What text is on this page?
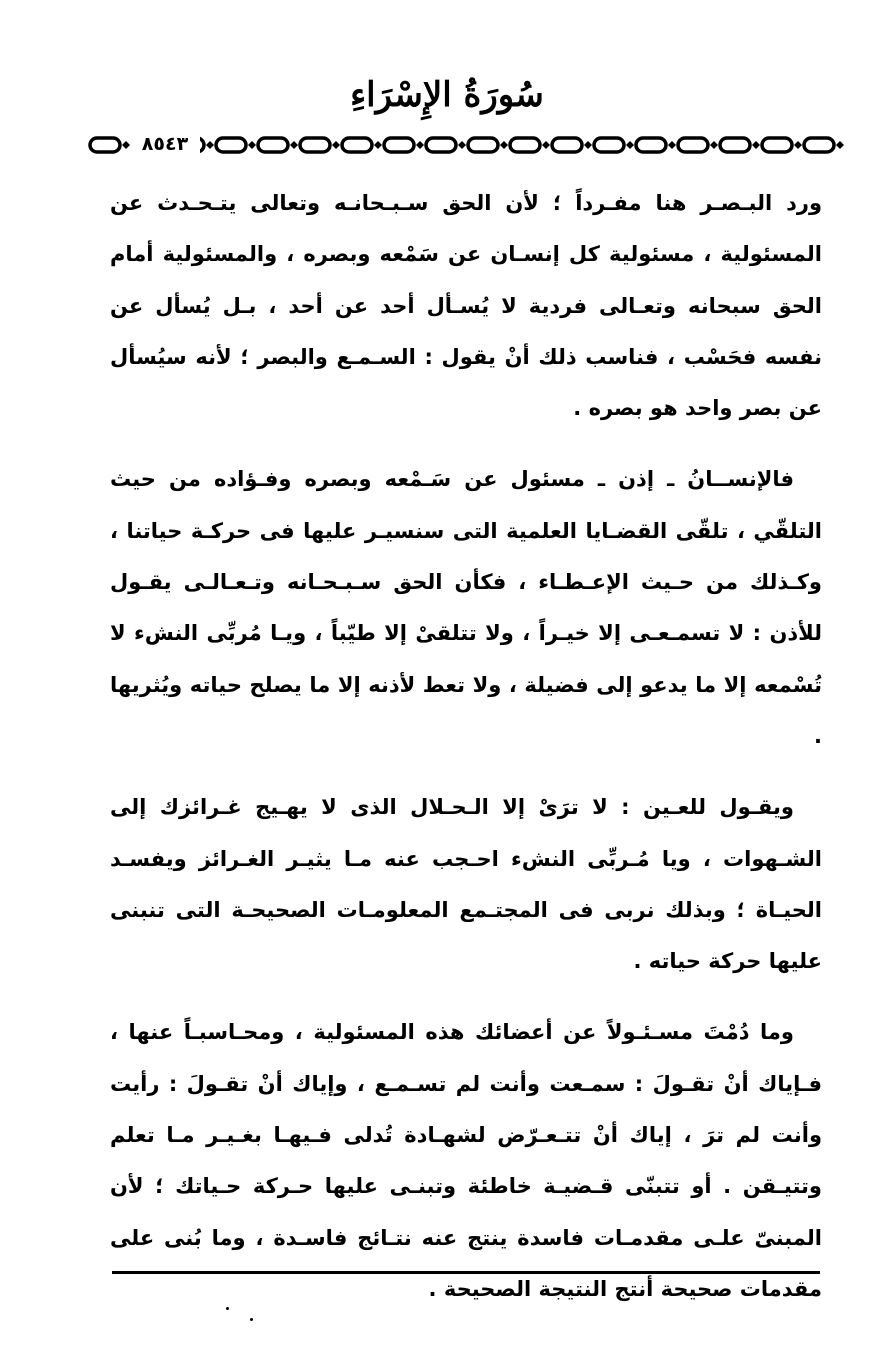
سُورَةُ الإِسْرَاءِ
٨٥٤٣

ورد البـصـر هنا مفـرداً ؛ لأن الحق سـبـحانـه وتعالى يتـحـدث عن المسئولية ، مسئولية كل إنسـان عن سَمْعه وبصره ، والمسئولية أمام الحق سبحانه وتعـالى فردية لا يُسـأل أحد عن أحد ، بـل يُسأل عن نفسه فحَسْب ، فناسب ذلك أنْ يقول : السـمـع والبصر ؛ لأنه سيُسأل عن بصر واحد هو بصره .

فالإنســانُ ـ إذن ـ مسئول عن سَـمْعه وبصره وفـؤاده من حيث التلقّي ، تلقّى القضـايا العلمية التى سنسيـر عليها فى حركـة حياتنا ، وكـذلك من حـيث الإعـطـاء ، فكأن الحق سـبـحـانه وتـعـالـى يقـول للأذن : لا تسمـعـى إلا خيـراً ، ولا تتلقىْ إلا طيّباً ، ويـا مُربِّى النشء لا تُسْمعه إلا ما يدعو إلى فضيلة ، ولا تعط لأذنه إلا ما يصلح حياته ويُثريها .

ويقـول للعـين : لا ترَىْ إلا الـحـلال الذى لا يهـيج غـرائزك إلى الشـهوات ، ويا مُـربِّى النشء احـجب عنه مـا يثيـر الغـرائز ويفسـد الحيـاة ؛ وبذلك نربى فى المجتـمع المعلومـات الصحيحـة التى تنبنى عليها حركة حياته .

وما دُمْتَ مسـئـولاً عن أعضائك هذه المسئولية ، ومحـاسبـاً عنها ، فـإياك أنْ تقـولَ : سمـعت وأنت لم تسـمـع ، وإياك أنْ تقـولَ : رأيت وأنت لم ترَ ، إياك أنْ تتـعـرّض لشهـادة تُدلى فـيهـا بغـيـر مـا تعلم وتتيـقن . أو تتبنّى قـضيـة خاطئة وتبنـى عليها حـركة حـياتك ؛ لأن المبنىّ علـى مقدمـات فاسدة ينتج عنه نتـائج فاسـدة ، وما بُنى على مقدمات صحيحة أنتج النتيجة الصحيحة .
